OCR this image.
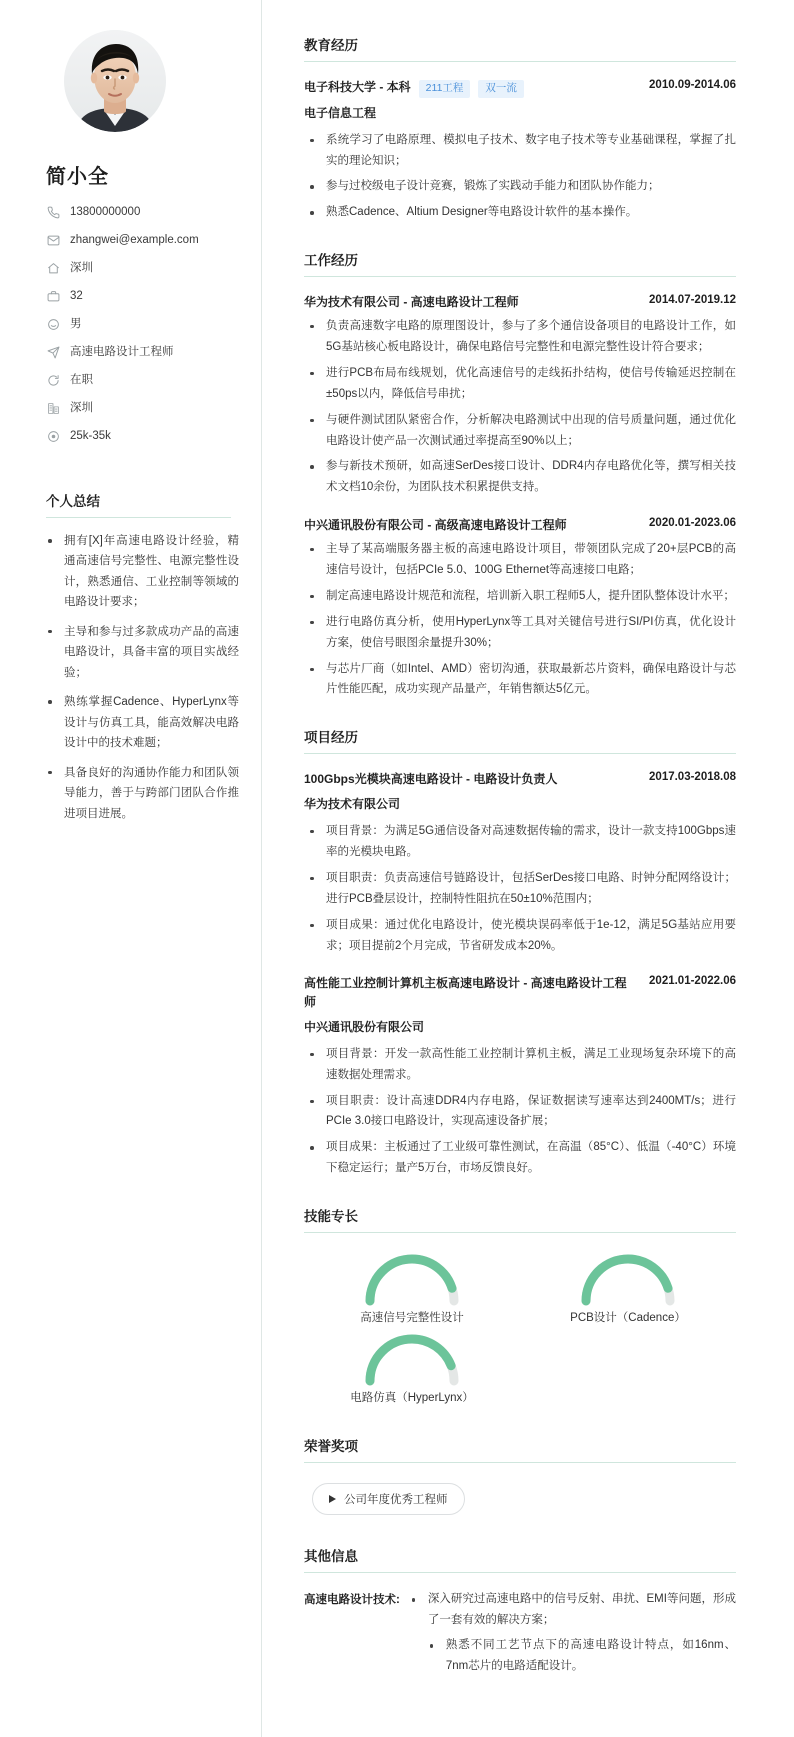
简小全
13800000000
zhangwei@example.com
深圳
32
男
高速电路设计工程师
在职
深圳
25k-35k
个人总结
拥有[X]年高速电路设计经验，精通高速信号完整性、电源完整性设计，熟悉通信、工业控制等领域的电路设计要求；
主导和参与过多款成功产品的高速电路设计，具备丰富的项目实战经验；
熟练掌握Cadence、HyperLynx等设计与仿真工具，能高效解决电路设计中的技术难题；
具备良好的沟通协作能力和团队领导能力，善于与跨部门团队合作推进项目进展。
教育经历
电子科技大学 - 本科	211工程	双一流	2010.09-2014.06
电子信息工程
系统学习了电路原理、模拟电子技术、数字电子技术等专业基础课程，掌握了扎实的理论知识；
参与过校级电子设计竞赛，锻炼了实践动手能力和团队协作能力；
熟悉Cadence、Altium Designer等电路设计软件的基本操作。
工作经历
华为技术有限公司 - 高速电路设计工程师	2014.07-2019.12
负责高速数字电路的原理图设计，参与了多个通信设备项目的电路设计工作，如5G基站核心板电路设计，确保电路信号完整性和电源完整性设计符合要求；
进行PCB布局布线规划，优化高速信号的走线拓扑结构，使信号传输延迟控制在±50ps以内，降低信号串扰；
与硬件测试团队紧密合作，分析解决电路测试中出现的信号质量问题，通过优化电路设计使产品一次测试通过率提高至90%以上；
参与新技术预研，如高速SerDes接口设计、DDR4内存电路优化等，撰写相关技术文档10余份，为团队技术积累提供支持。
中兴通讯股份有限公司 - 高级高速电路设计工程师	2020.01-2023.06
主导了某高端服务器主板的高速电路设计项目，带领团队完成了20+层PCB的高速信号设计，包括PCIe 5.0、100G Ethernet等高速接口电路；
制定高速电路设计规范和流程，培训新入职工程师5人，提升团队整体设计水平；
进行电路仿真分析，使用HyperLynx等工具对关键信号进行SI/PI仿真，优化设计方案，使信号眼图余量提升30%；
与芯片厂商（如Intel、AMD）密切沟通，获取最新芯片资料，确保电路设计与芯片性能匹配，成功实现产品量产，年销售额达5亿元。
项目经历
100Gbps光模块高速电路设计 - 电路设计负责人	2017.03-2018.08
华为技术有限公司
项目背景：为满足5G通信设备对高速数据传输的需求，设计一款支持100Gbps速率的光模块电路。
项目职责：负责高速信号链路设计，包括SerDes接口电路、时钟分配网络设计；进行PCB叠层设计，控制特性阻抗在50±10%范围内；
项目成果：通过优化电路设计，使光模块误码率低于1e-12，满足5G基站应用要求；项目提前2个月完成，节省研发成本20%。
高性能工业控制计算机主板高速电路设计 - 高速电路设计工程师
2021.01-2022.06
中兴通讯股份有限公司
项目背景：开发一款高性能工业控制计算机主板，满足工业现场复杂环境下的高速数据处理需求。
项目职责：设计高速DDR4内存电路，保证数据读写速率达到2400MT/s；进行PCIe 3.0接口电路设计，实现高速设备扩展；
项目成果：主板通过了工业级可靠性测试，在高温（85°C）、低温（-40°C）环境下稳定运行；量产5万台，市场反馈良好。
技能专长
高速信号完整性设计	PCB设计（Cadence）
电路仿真（HyperLynx）
荣誉奖项
公司年度优秀工程师
其他信息
高速电路设计技术:	深入研究过高速电路中的信号反射、串扰、EMI等问题，形成了一套有效的解决方案；
熟悉不同工艺节点下的高速电路设计特点，如16nm、7nm芯片的电路适配设计。
